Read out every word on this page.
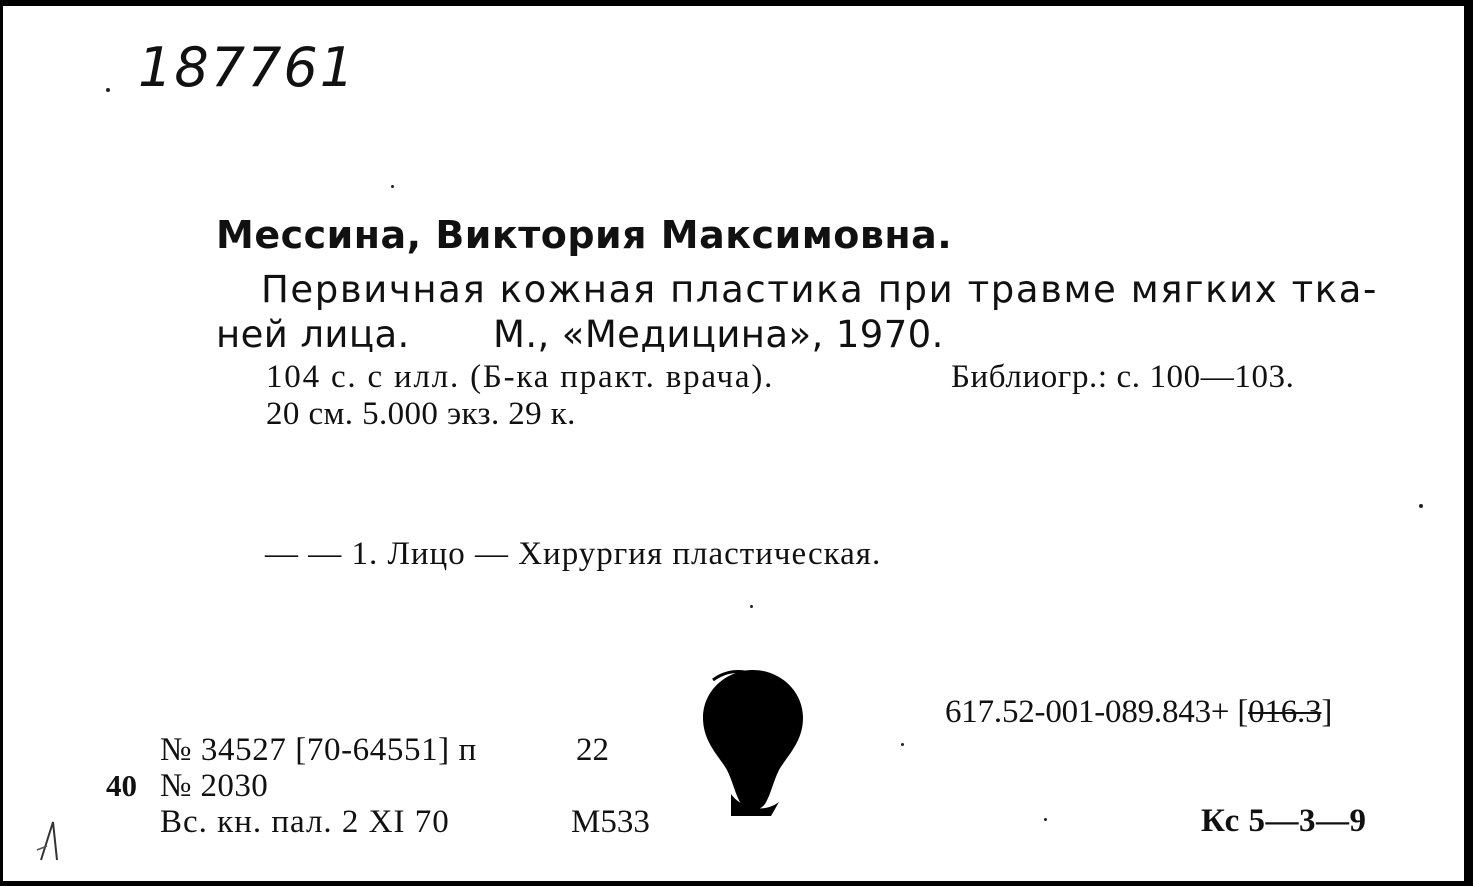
187761
Мессина, Виктория Максимовна.
Первичная кожная пластика при травме мягких тка-
ней лица. М., «Медицина», 1970.
104 с. с илл. (Б-ка практ. врача).	Библиогр.: с. 100—103.
20 см. 5.000 экз. 29 к.
— — 1. Лицо — Хирургия пластическая.
№ 34527 [70-64551] п	22
40 № 2030
Вс. кн. пал. 2 XI 70	М533
617.52-001-089.843+ [016.3]
Кс 5—3—9
